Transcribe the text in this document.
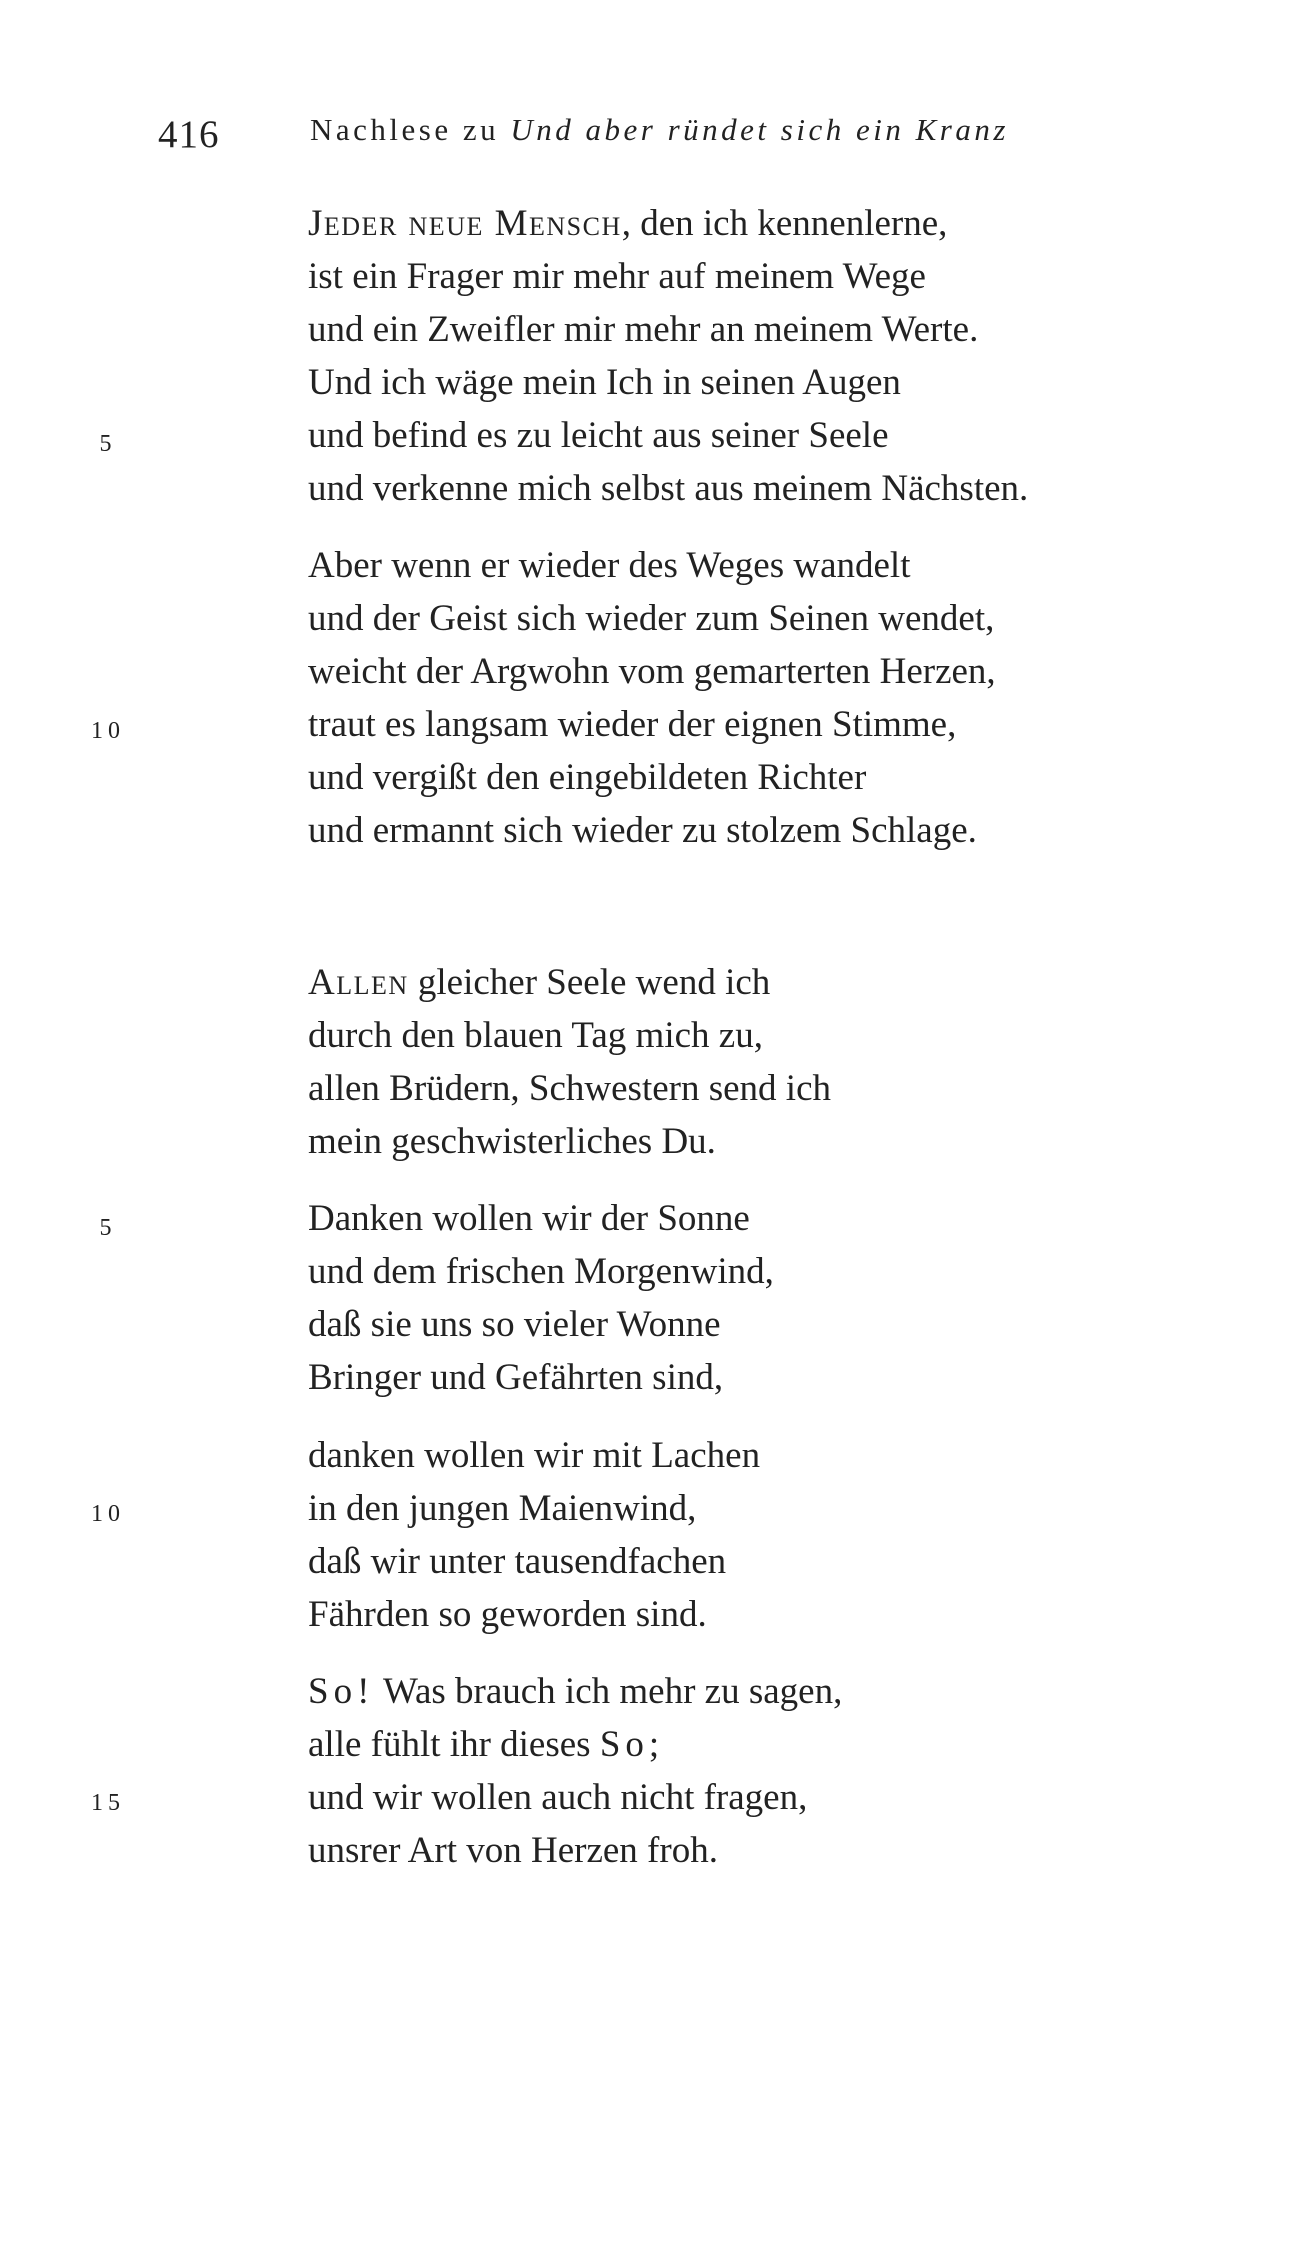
416	Nachlese zu Und aber ründet sich ein Kranz
Jeder neue Mensch, den ich kennenlerne,
ist ein Frager mir mehr auf meinem Wege
und ein Zweifler mir mehr an meinem Werte.
Und ich wäge mein Ich in seinen Augen
5	und befind es zu leicht aus seiner Seele
und verkenne mich selbst aus meinem Nächsten.
Aber wenn er wieder des Weges wandelt
und der Geist sich wieder zum Seinen wendet,
weicht der Argwohn vom gemarterten Herzen,
10	traut es langsam wieder der eignen Stimme,
und vergißt den eingebildeten Richter
und ermannt sich wieder zu stolzem Schlage.
Allen gleicher Seele wend ich
durch den blauen Tag mich zu,
allen Brüdern, Schwestern send ich
mein geschwisterliches Du.
5	Danken wollen wir der Sonne
und dem frischen Morgenwind,
daß sie uns so vieler Wonne
Bringer und Gefährten sind,
danken wollen wir mit Lachen
10	in den jungen Maienwind,
daß wir unter tausendfachen
Fährden so geworden sind.
So! Was brauch ich mehr zu sagen,
alle fühlt ihr dieses So;
15	und wir wollen auch nicht fragen,
unsrer Art von Herzen froh.
